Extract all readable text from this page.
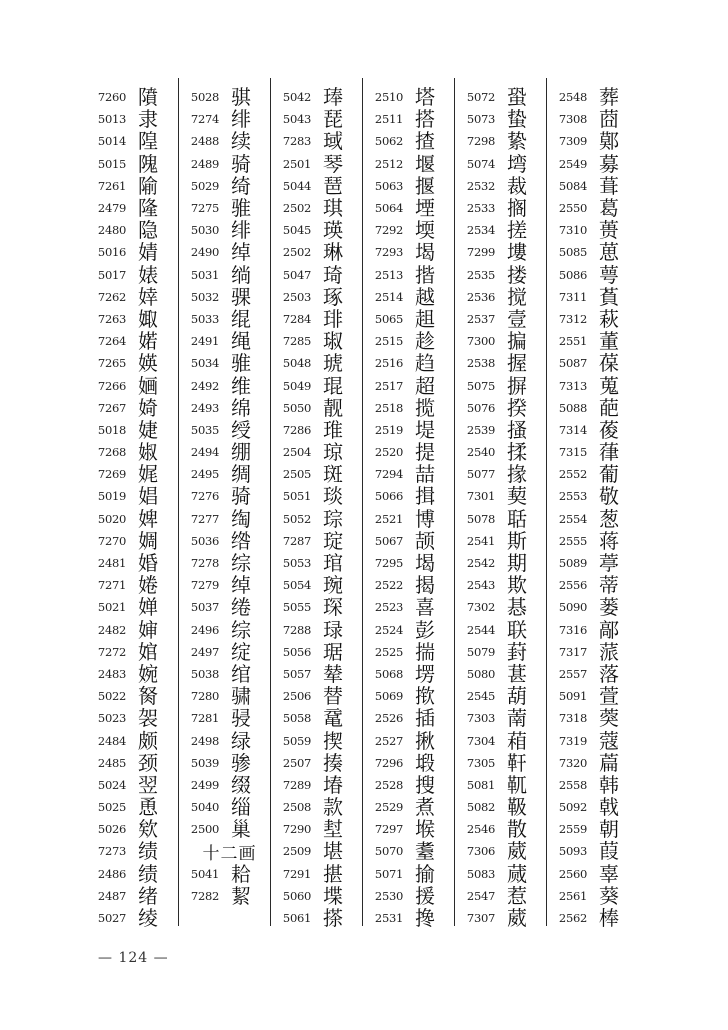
7260 隫
5013 隶
5014 隍
5015 隗
7261 隃
2479 隆
2480 隐
5016 婧
5017 婊
7262 婞
7263 娵
7264 婼
7265 媖
7266 婳
7267 婍
5018 婕
7268 婌
7269 娓
5019 娼
5020 婢
7270 婤
2481 婚
7271 婘
5021 婵
2482 婶
7272 婠
2483 婉
5022 胬
5023 袈
2484 颇
2485 颈
5024 翌
5025 恿
5026 欸
7273 绩
2486 绩
2487 绪
5027 绫
5028 骐
7274 绯
2488 续
2489 骑
5029 绮
7275 骓
5030 绯
2490 绰
5031 绱
5032 骒
5033 绲
2491 绳
5034 骓
2492 维
2493 绵
5035 绶
2494 绷
2495 绸
7276 骑
7277 绹
5036 绺
7278 综
7279 绰
5037 绻
2496 综
2497 绽
5038 绾
7280 骕
7281 骎
2498 绿
5039 骖
2499 缀
5040 缁
2500 巢
十二画
5041 耠
7282 絜
5042 琫
5043 琵
7283 琙
2501 琴
5044 琶
2502 琪
5045 瑛
2502 琳
5047 琦
2503 琢
7284 琲
7285 琡
5048 琥
5049 琨
5050 靓
7286 琟
2504 琼
2505 斑
5051 琰
5052 琮
7287 琔
5053 琯
5054 琬
5055 琛
7288 琭
5056 琚
5057 辇
2506 替
5058 鼋
5059 揳
2507 揍
7289 堾
2508 款
7290 堼
2509 堪
7291 揕
5060 堞
5061 搽
2510 塔
2511 搭
5062 揸
2512 堰
5063 揠
5064 堙
7292 堧
7293 堨
2513 揩
2514 越
5065 趄
2515 趁
2516 趋
2517 超
2518 揽
2519 堤
2520 提
7294 喆
5066 揖
2521 博
5067 颉
7295 堨
2522 揭
2523 喜
2524 彭
2525 揣
5068 塄
5069 揿
2526 插
2527 揪
7296 塅
2528 搜
2529 煮
7297 堠
5070 耋
5071 揄
2530 援
2531 搀
5072 蛩
5073 蛰
7298 絷
5074 塆
2532 裁
2533 搁
2534 搓
7299 塿
2535 搂
2536 搅
2537 壹
7300 揙
2538 握
5075 摒
5076 揆
2539 搔
2540 揉
5077 掾
7301 葜
5078 聒
2541 斯
2542 期
2543 欺
7302 惎
2544 联
5079 葑
5080 葚
2545 葫
7303 萳
7304 葙
7305 靬
5081 靰
5082 靸
2546 散
7306 葳
5083 蒇
2547 惹
7307 葳
2548 葬
7308 莔
7309 鄚
2549 募
5084 葺
2550 葛
7310 蒉
5085 葸
5086 萼
7311 萯
7312 萩
2551 董
5087 葆
7313 蒐
5088 葩
7314 葰
7315 葎
2552 葡
2553 敬
2554 葱
2555 蒋
5089 葶
2556 蒂
5090 蒌
7316 鄗
7317 蒎
2557 落
5091 萱
7318 葖
7319 蔻
7320 萹
2558 韩
5092 戟
2559 朝
5093 葭
2560 辜
2561 葵
2562 棒
— 124 —
